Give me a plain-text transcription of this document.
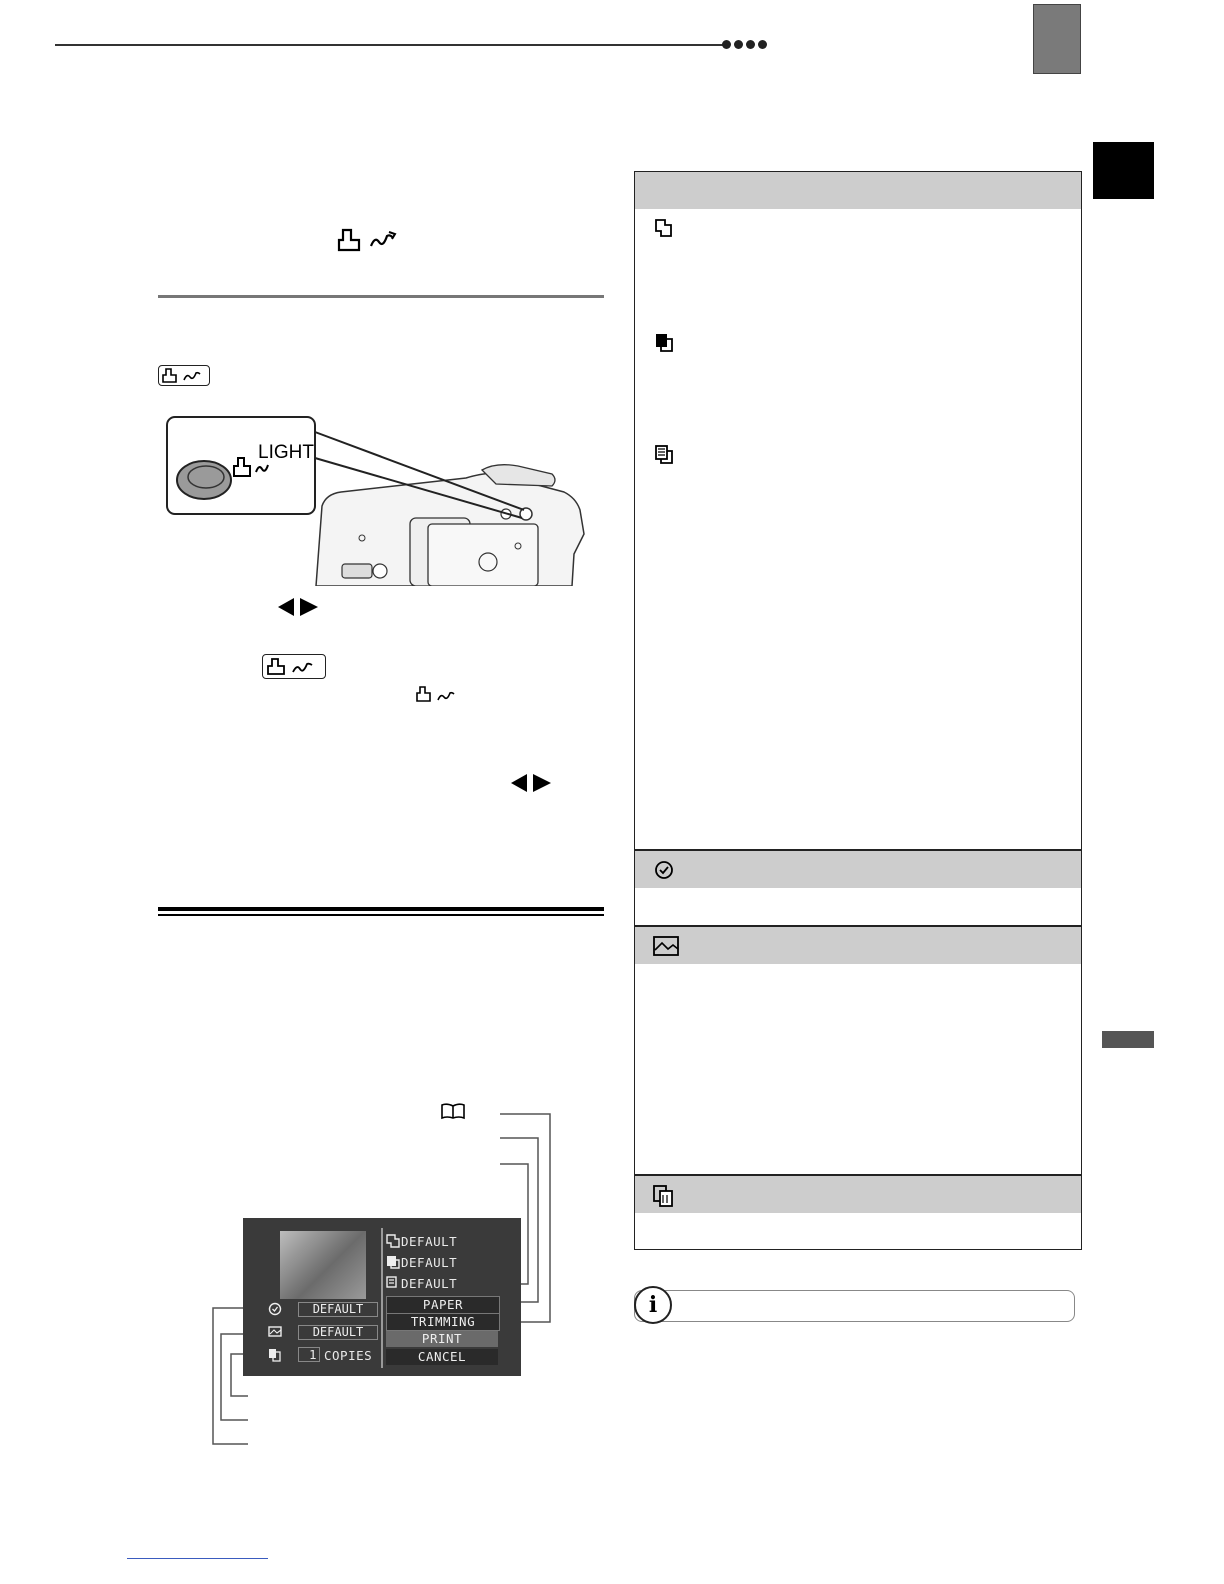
LIGHT
DEFAULT
DEFAULT
DEFAULT
PAPER
TRIMMING
PRINT
CANCEL
DEFAULT
DEFAULT
1 COPIES
i
